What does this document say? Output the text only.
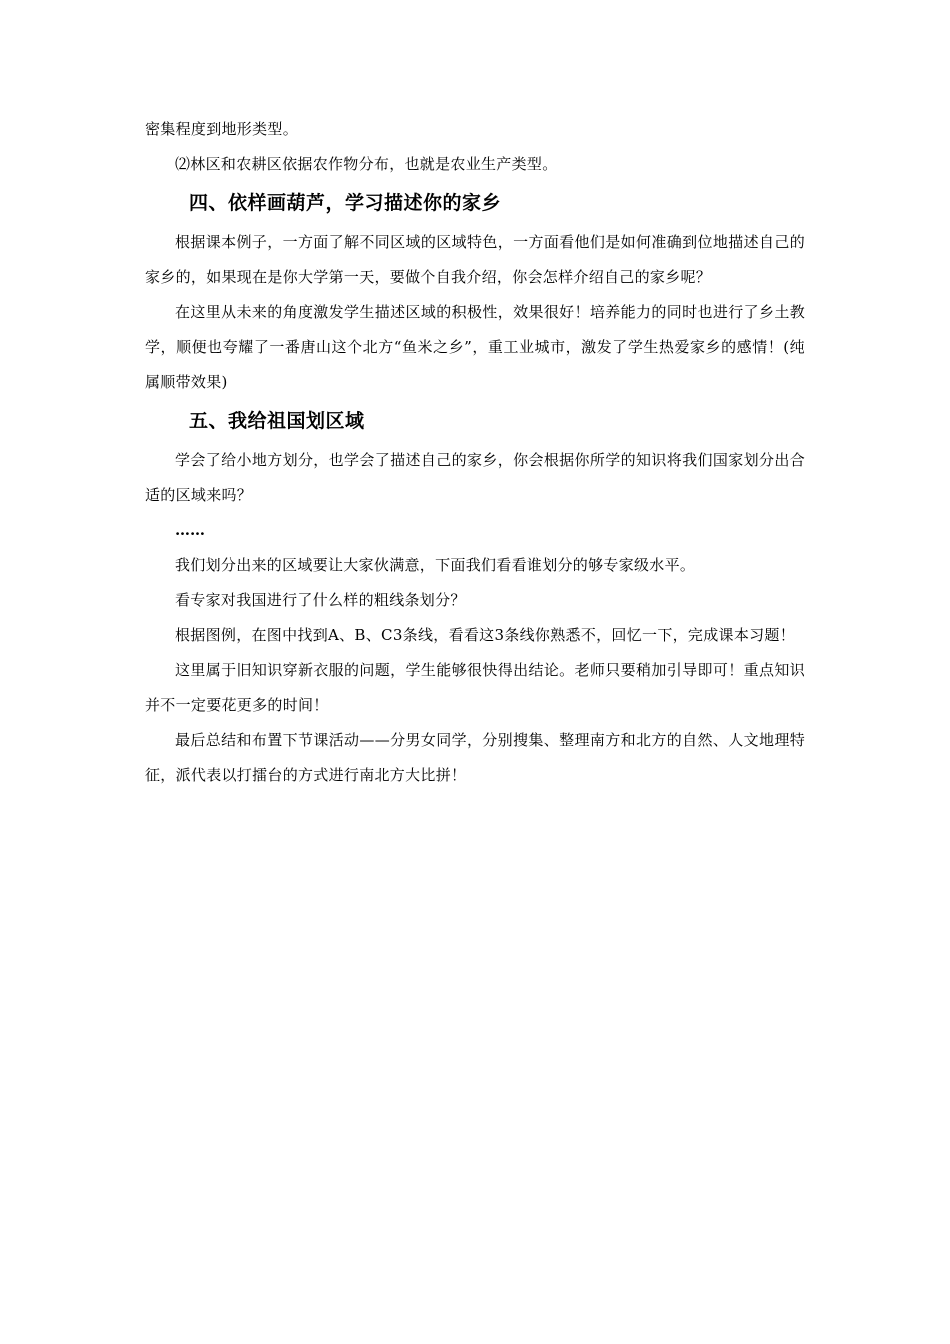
密集程度到地形类型。

⑵林区和农耕区依据农作物分布，也就是农业生产类型。

四、依样画葫芦，学习描述你的家乡

根据课本例子，一方面了解不同区域的区域特色，一方面看他们是如何准确到位地描述自己的家乡的，如果现在是你大学第一天，要做个自我介绍，你会怎样介绍自己的家乡呢？

在这里从未来的角度激发学生描述区域的积极性，效果很好！培养能力的同时也进行了乡土教学，顺便也夸耀了一番唐山这个北方“鱼米之乡”，重工业城市，激发了学生热爱家乡的感情！(纯属顺带效果)

五、我给祖国划区域

学会了给小地方划分，也学会了描述自己的家乡，你会根据你所学的知识将我们国家划分出合适的区域来吗？

……

我们划分出来的区域要让大家伙满意，下面我们看看谁划分的够专家级水平。

看专家对我国进行了什么样的粗线条划分？

根据图例，在图中找到A、B、C3条线，看看这3条线你熟悉不，回忆一下，完成课本习题！

这里属于旧知识穿新衣服的问题，学生能够很快得出结论。老师只要稍加引导即可！重点知识并不一定要花更多的时间！

最后总结和布置下节课活动——分男女同学，分别搜集、整理南方和北方的自然、人文地理特征，派代表以打擂台的方式进行南北方大比拼！
